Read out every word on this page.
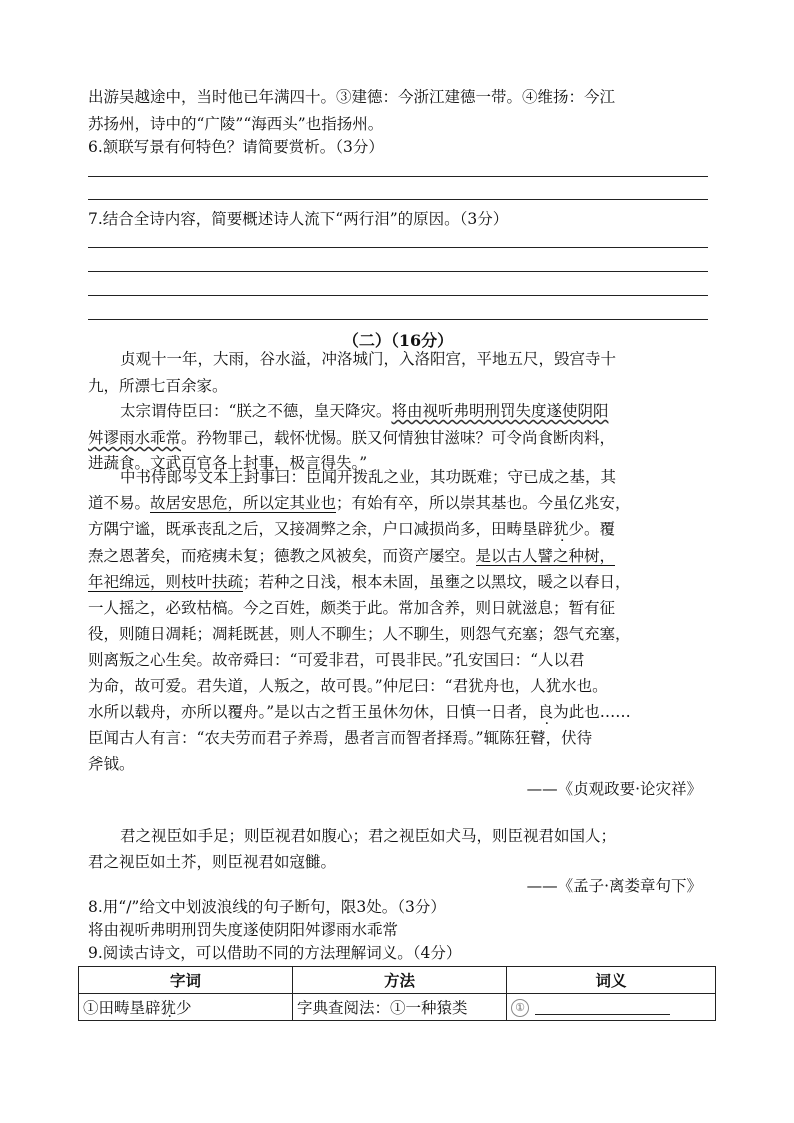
出游吴越途中，当时他已年满四十。③建德：今浙江建德一带。④维扬：今江
苏扬州，诗中的“广陵”“海西头”也指扬州。
6.颔联写景有何特色？请简要赏析。（3分）
7.结合全诗内容，简要概述诗人流下“两行泪”的原因。（3分）
（二）（16分）
贞观十一年，大雨，谷水溢，冲洛城门，入洛阳宫，平地五尺，毁宫寺十
九，所漂七百余家。
太宗谓侍臣曰：“朕之不德，皇天降灾。将由视听弗明刑罚失度遂使阴阳
舛谬雨水乖常。矜物罪己，载怀忧惕。朕又何情独甘滋味？可令尚食断肉料，
进蔬食。文武百官各上封事，极言得失。”
中书侍郎岑文本上封事曰：臣闻开拨乱之业，其功既难；守已成之基，其
道不易。故居安思危，所以定其业也；有始有卒，所以崇其基也。今虽亿兆安，
方隅宁谧，既承丧乱之后，又接凋弊之余，户口减损尚多，田畴垦辟犹少。覆
焘之恩著矣，而疮痍未复；德教之风被矣，而资产屡空。是以古人譬之种树，
年祀绵远，则枝叶扶疏；若种之日浅，根本未固，虽壅之以黑坟，暖之以春日，
一人摇之，必致枯槁。今之百姓，颇类于此。常加含养，则日就滋息；暂有征
役，则随日凋耗；凋耗既甚，则人不聊生；人不聊生，则怨气充塞；怨气充塞，
则离叛之心生矣。故帝舜曰：“可爱非君，可畏非民。”孔安国曰：“人以君
为命，故可爱。君失道，人叛之，故可畏。”仲尼曰：“君犹舟也，人犹水也。
水所以载舟，亦所以覆舟。”是以古之哲王虽休勿休，日慎一日者，良为此也……
臣闻古人有言：“农夫劳而君子养焉，愚者言而智者择焉。”辄陈狂瞽，伏待
斧钺。
——《贞观政要·论灾祥》
君之视臣如手足；则臣视君如腹心；君之视臣如犬马，则臣视君如国人；
君之视臣如土芥，则臣视君如寇雠。
——《孟子·离娄章句下》
8.用“/”给文中划波浪线的句子断句，限3处。（3分）
将由视听弗明刑罚失度遂使阴阳舛谬雨水乖常
9.阅读古诗文，可以借助不同的方法理解词义。（4分）
字词	方法	词义
①田畴垦辟犹少	字典查阅法：①一种猿类	①
